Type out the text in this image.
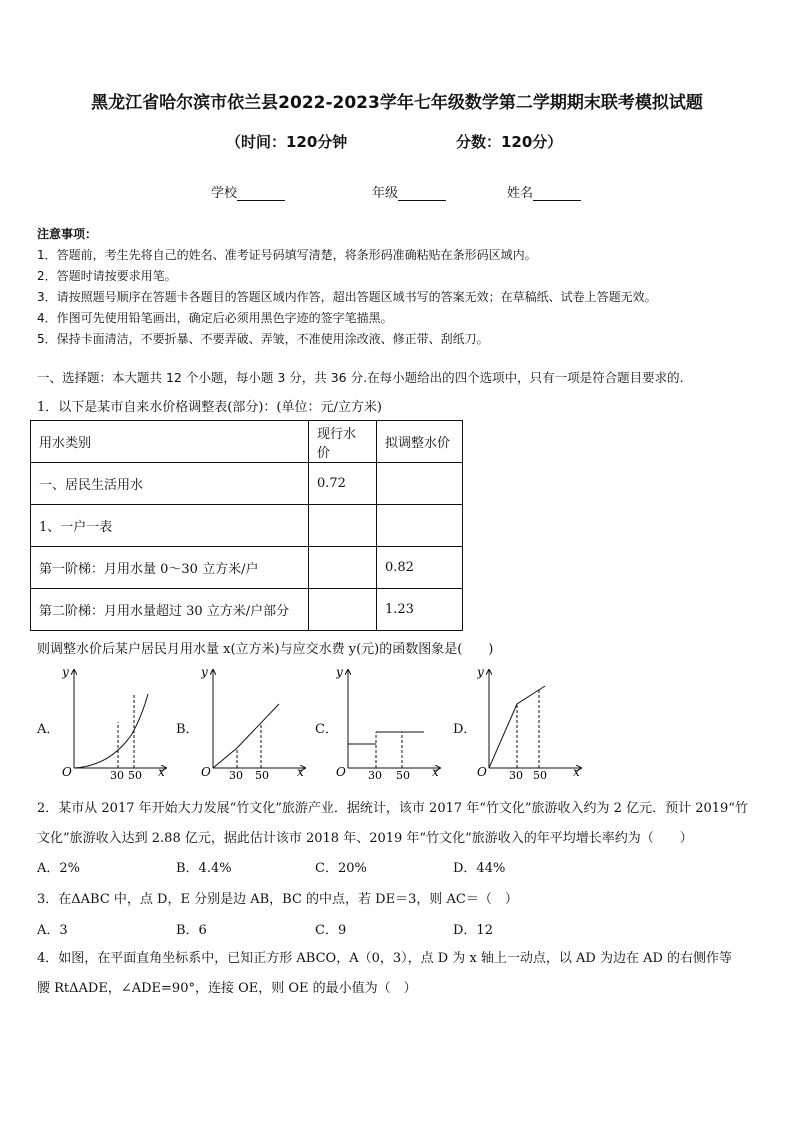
黑龙江省哈尔滨市依兰县2022-2023学年七年级数学第二学期期末联考模拟试题
（时间：120分钟	分数：120分）
学校	年级	姓名
注意事项：
1．答题前，考生先将自己的姓名、准考证号码填写清楚，将条形码准确粘贴在条形码区域内。
2．答题时请按要求用笔。
3．请按照题号顺序在答题卡各题目的答题区域内作答，超出答题区域书写的答案无效；在草稿纸、试卷上答题无效。
4．作图可先使用铅笔画出，确定后必须用黑色字迹的签字笔描黑。
5．保持卡面清洁，不要折暴、不要弄破、弄皱，不准使用涂改液、修正带、刮纸刀。
一、选择题：本大题共 12 个小题，每小题 3 分，共 36 分.在每小题给出的四个选项中，只有一项是符合题目要求的.
1．以下是某市自来水价格调整表(部分)：(单位：元/立方米)
用水类别	现行水价	拟调整水价
一、居民生活用水	0.72	
1、一户一表		
第一阶梯：月用水量 0～30 立方米/户		0.82
第二阶梯：月用水量超过 30 立方米/户部分		1.23
则调整水价后某户居民月用水量 x(立方米)与应交水费 y(元)的函数图象是(　　)
A．	B．	C．	D．
y
O	x
30 50
y
O	x
30 50
y
O	x
30 50
y
O	x
30 50
2．某市从 2017 年开始大力发展“竹文化”旅游产业．据统计，该市 2017 年“竹文化”旅游收入约为 2 亿元．预计 2019“竹
文化”旅游收入达到 2.88 亿元，据此估计该市 2018 年、2019 年“竹文化”旅游收入的年平均增长率约为（　　）
A．2%	B．4.4%	C．20%	D．44%
3．在ΔABC 中，点 D，E 分别是边 AB，BC 的中点，若 DE＝3，则 AC＝（　）
A．3	B．6	C．9	D．12
4．如图，在平面直角坐标系中，已知正方形 ABCO，A（0，3），点 D 为 x 轴上一动点，以 AD 为边在 AD 的右侧作等
腰 RtΔADE，∠ADE=90°，连接 OE，则 OE 的最小值为（　）
